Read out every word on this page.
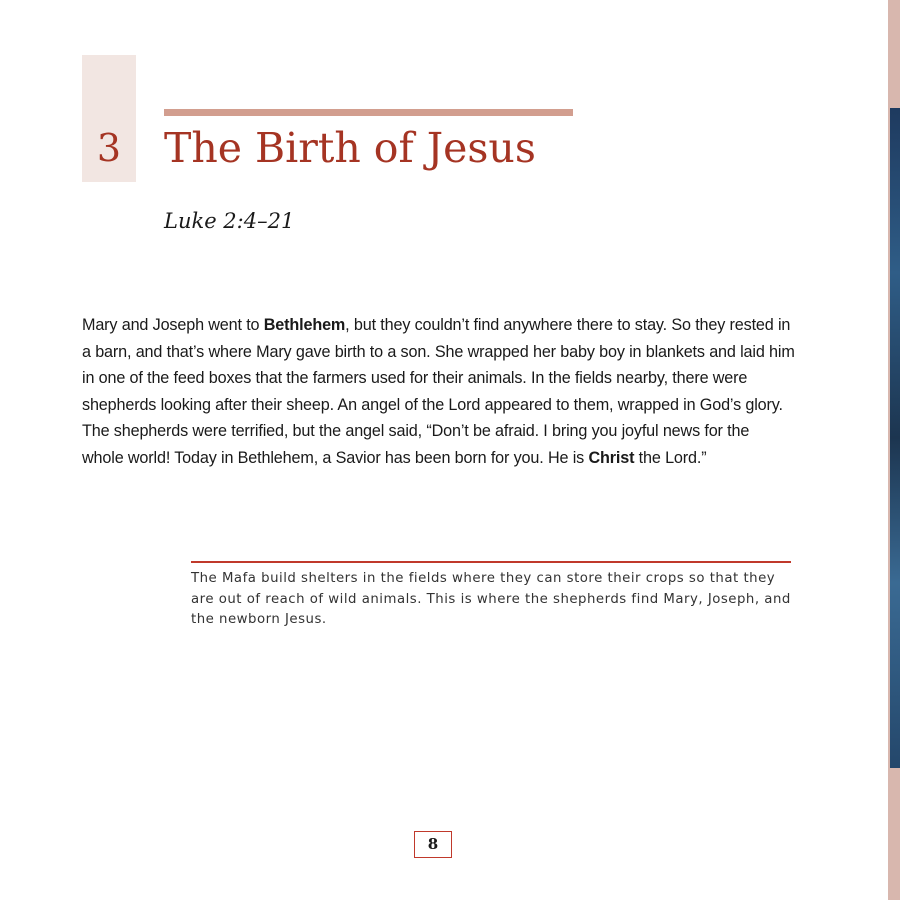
3	The Birth of Jesus
Luke 2:4–21

Mary and Joseph went to Bethlehem, but they couldn’t find anywhere there to stay. So they rested in a barn, and that’s where Mary gave birth to a son. She wrapped her baby boy in blankets and laid him in one of the feed boxes that the farmers used for their animals. In the fields nearby, there were shepherds looking after their sheep. An angel of the Lord appeared to them, wrapped in God’s glory. The shepherds were terrified, but the angel said, “Don’t be afraid. I bring you joyful news for the whole world! Today in Bethlehem, a Savior has been born for you. He is Christ the Lord.”

The Mafa build shelters in the fields where they can store their crops so that they are out of reach of wild animals. This is where the shepherds find Mary, Joseph, and the newborn Jesus.

8
